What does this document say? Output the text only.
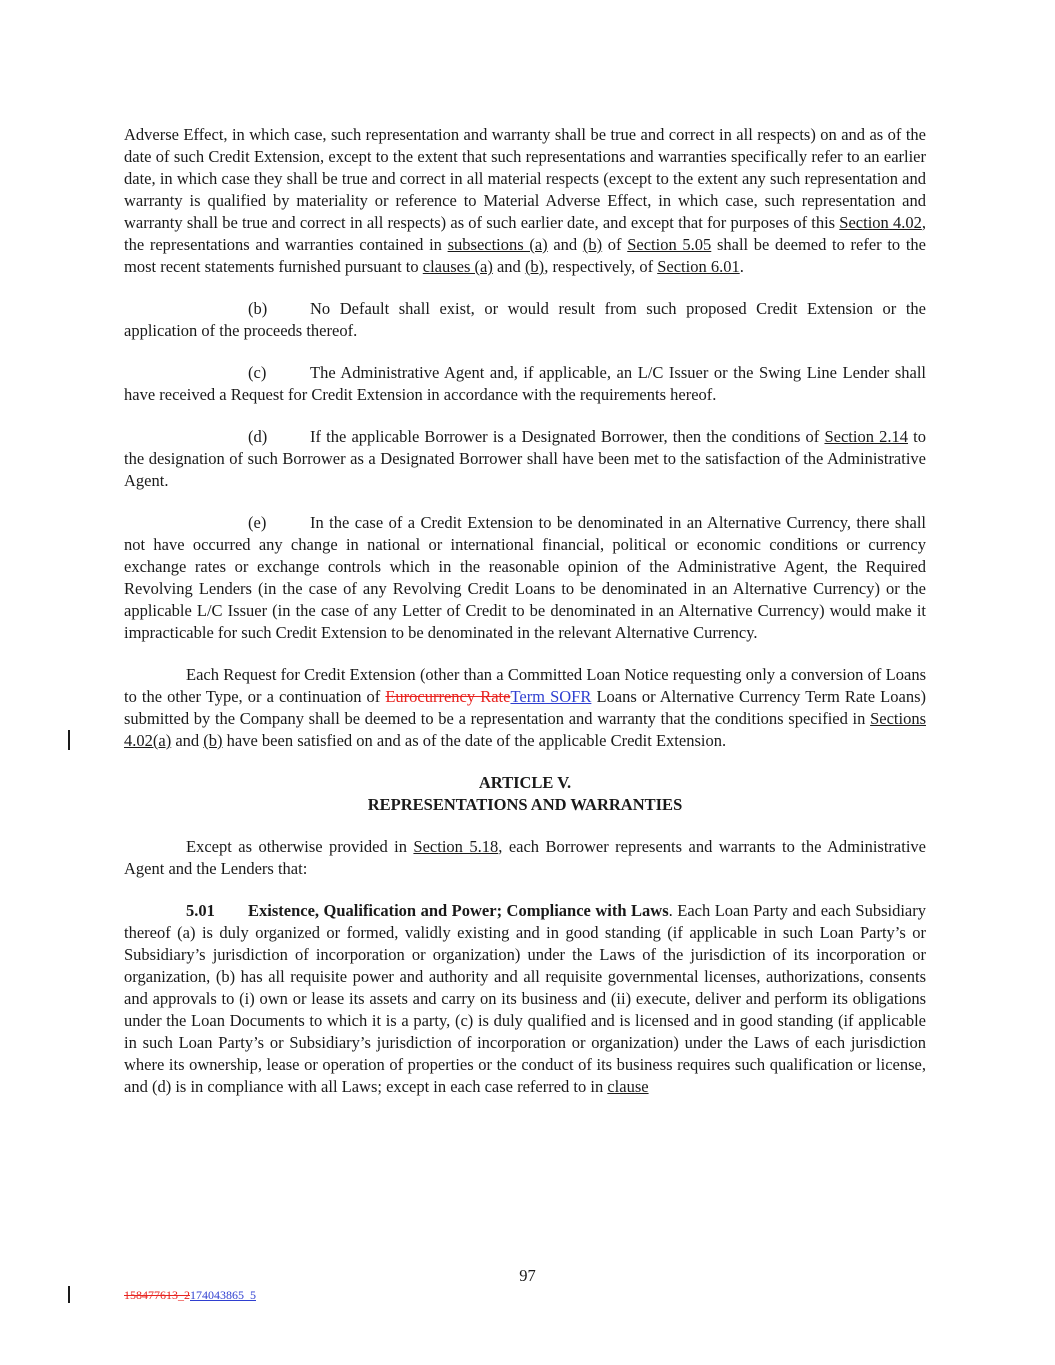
Adverse Effect, in which case, such representation and warranty shall be true and correct in all respects) on and as of the date of such Credit Extension, except to the extent that such representations and warranties specifically refer to an earlier date, in which case they shall be true and correct in all material respects (except to the extent any such representation and warranty is qualified by materiality or reference to Material Adverse Effect, in which case, such representation and warranty shall be true and correct in all respects) as of such earlier date, and except that for purposes of this Section 4.02, the representations and warranties contained in subsections (a) and (b) of Section 5.05 shall be deemed to refer to the most recent statements furnished pursuant to clauses (a) and (b), respectively, of Section 6.01.

(b)	No Default shall exist, or would result from such proposed Credit Extension or the application of the proceeds thereof.

(c)	The Administrative Agent and, if applicable, an L/C Issuer or the Swing Line Lender shall have received a Request for Credit Extension in accordance with the requirements hereof.

(d)	If the applicable Borrower is a Designated Borrower, then the conditions of Section 2.14 to the designation of such Borrower as a Designated Borrower shall have been met to the satisfaction of the Administrative Agent.

(e)	In the case of a Credit Extension to be denominated in an Alternative Currency, there shall not have occurred any change in national or international financial, political or economic conditions or currency exchange rates or exchange controls which in the reasonable opinion of the Administrative Agent, the Required Revolving Lenders (in the case of any Revolving Credit Loans to be denominated in an Alternative Currency) or the applicable L/C Issuer (in the case of any Letter of Credit to be denominated in an Alternative Currency) would make it impracticable for such Credit Extension to be denominated in the relevant Alternative Currency.

Each Request for Credit Extension (other than a Committed Loan Notice requesting only a conversion of Loans to the other Type, or a continuation of Eurocurrency RateTerm SOFR Loans or Alternative Currency Term Rate Loans) submitted by the Company shall be deemed to be a representation and warranty that the conditions specified in Sections 4.02(a) and (b) have been satisfied on and as of the date of the applicable Credit Extension.

ARTICLE V.

REPRESENTATIONS AND WARRANTIES

Except as otherwise provided in Section 5.18, each Borrower represents and warrants to the Administrative Agent and the Lenders that:

5.01 Existence, Qualification and Power; Compliance with Laws. Each Loan Party and each Subsidiary thereof (a) is duly organized or formed, validly existing and in good standing (if applicable in such Loan Party’s or Subsidiary’s jurisdiction of incorporation or organization) under the Laws of the jurisdiction of its incorporation or organization, (b) has all requisite power and authority and all requisite governmental licenses, authorizations, consents and approvals to (i) own or lease its assets and carry on its business and (ii) execute, deliver and perform its obligations under the Loan Documents to which it is a party, (c) is duly qualified and is licensed and in good standing (if applicable in such Loan Party’s or Subsidiary’s jurisdiction of incorporation or organization) under the Laws of each jurisdiction where its ownership, lease or operation of properties or the conduct of its business requires such qualification or license, and (d) is in compliance with all Laws; except in each case referred to in clause

97
158477613_2174043865_5
